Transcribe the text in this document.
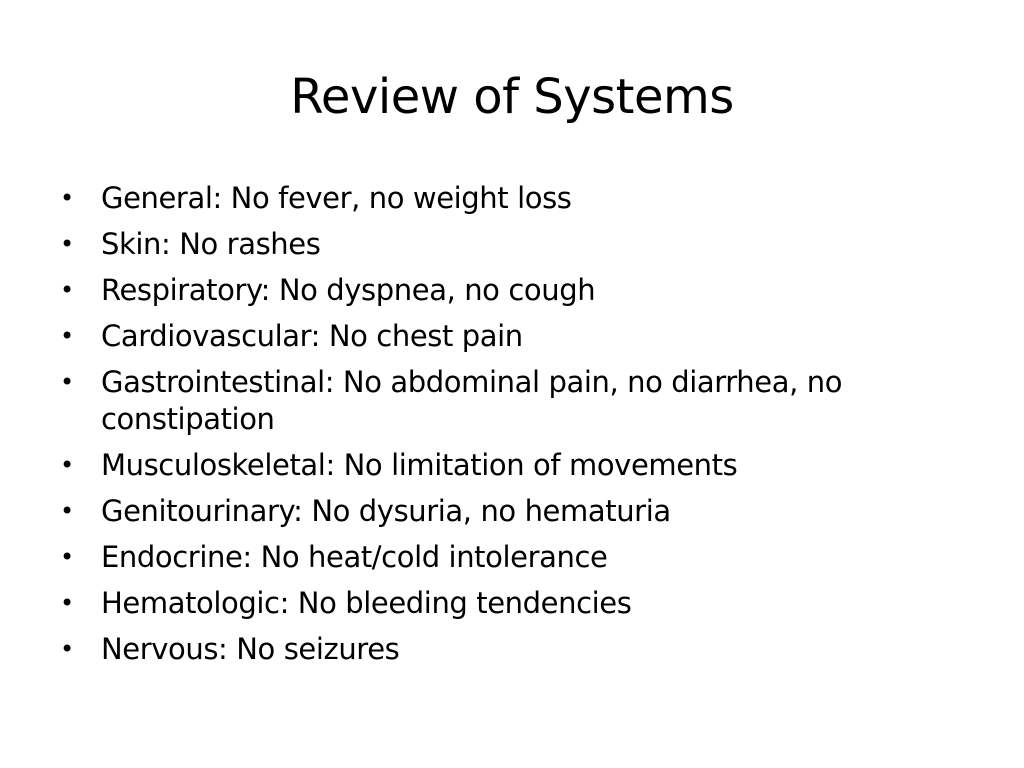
Review of Systems
• General: No fever, no weight loss
• Skin: No rashes
• Respiratory: No dyspnea, no cough
• Cardiovascular: No chest pain
• Gastrointestinal: No abdominal pain, no diarrhea, no constipation
• Musculoskeletal: No limitation of movements
• Genitourinary: No dysuria, no hematuria
• Endocrine: No heat/cold intolerance
• Hematologic: No bleeding tendencies
• Nervous: No seizures
